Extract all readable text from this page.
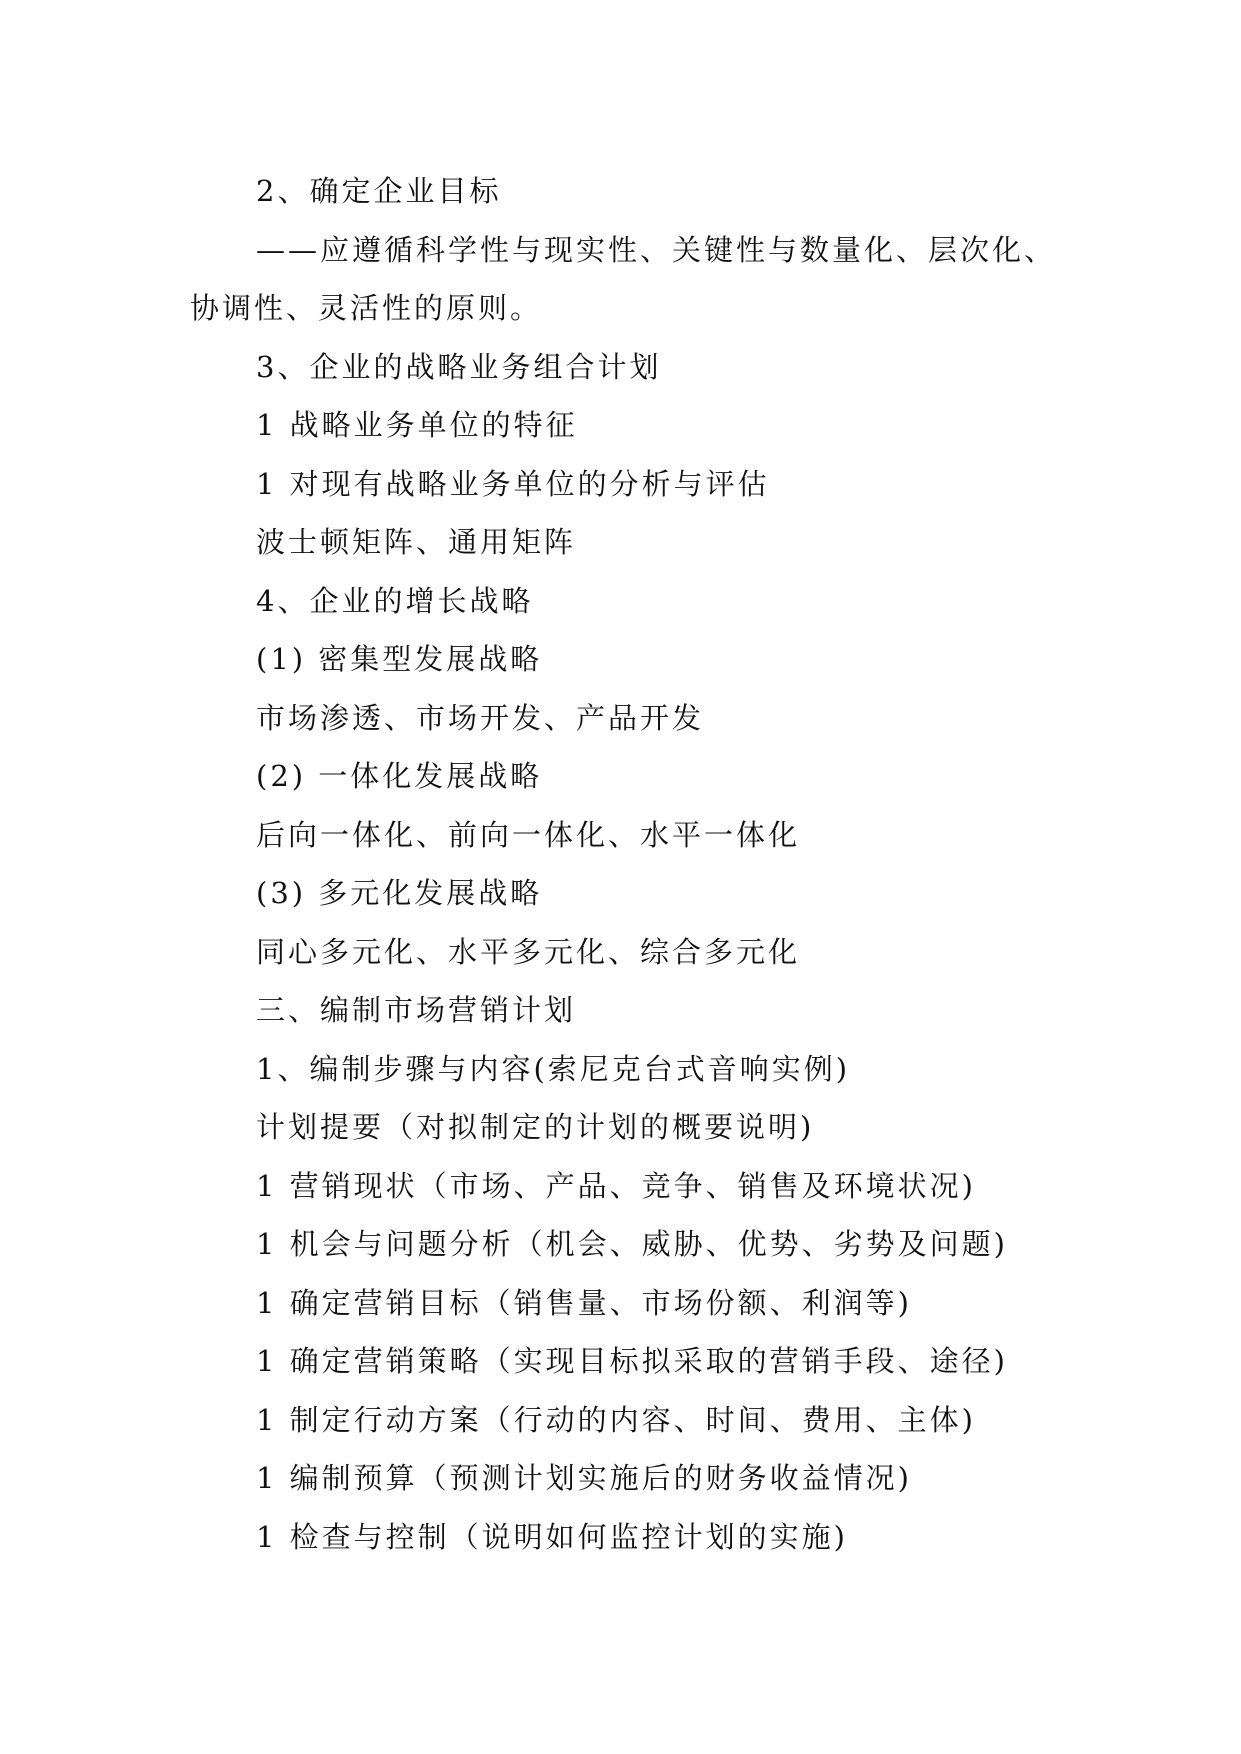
2、确定企业目标
——应遵循科学性与现实性、关键性与数量化、层次化、
协调性、灵活性的原则。
3、企业的战略业务组合计划
1 战略业务单位的特征
1 对现有战略业务单位的分析与评估
波士顿矩阵、通用矩阵
4、企业的增长战略
(1) 密集型发展战略
市场渗透、市场开发、产品开发
(2) 一体化发展战略
后向一体化、前向一体化、水平一体化
(3) 多元化发展战略
同心多元化、水平多元化、综合多元化
三、编制市场营销计划
1、编制步骤与内容(索尼克台式音响实例)
计划提要（对拟制定的计划的概要说明)
1 营销现状（市场、产品、竞争、销售及环境状况)
1 机会与问题分析（机会、威胁、优势、劣势及问题)
1 确定营销目标（销售量、市场份额、利润等)
1 确定营销策略（实现目标拟采取的营销手段、途径)
1 制定行动方案（行动的内容、时间、费用、主体)
1 编制预算（预测计划实施后的财务收益情况)
1 检查与控制（说明如何监控计划的实施)
